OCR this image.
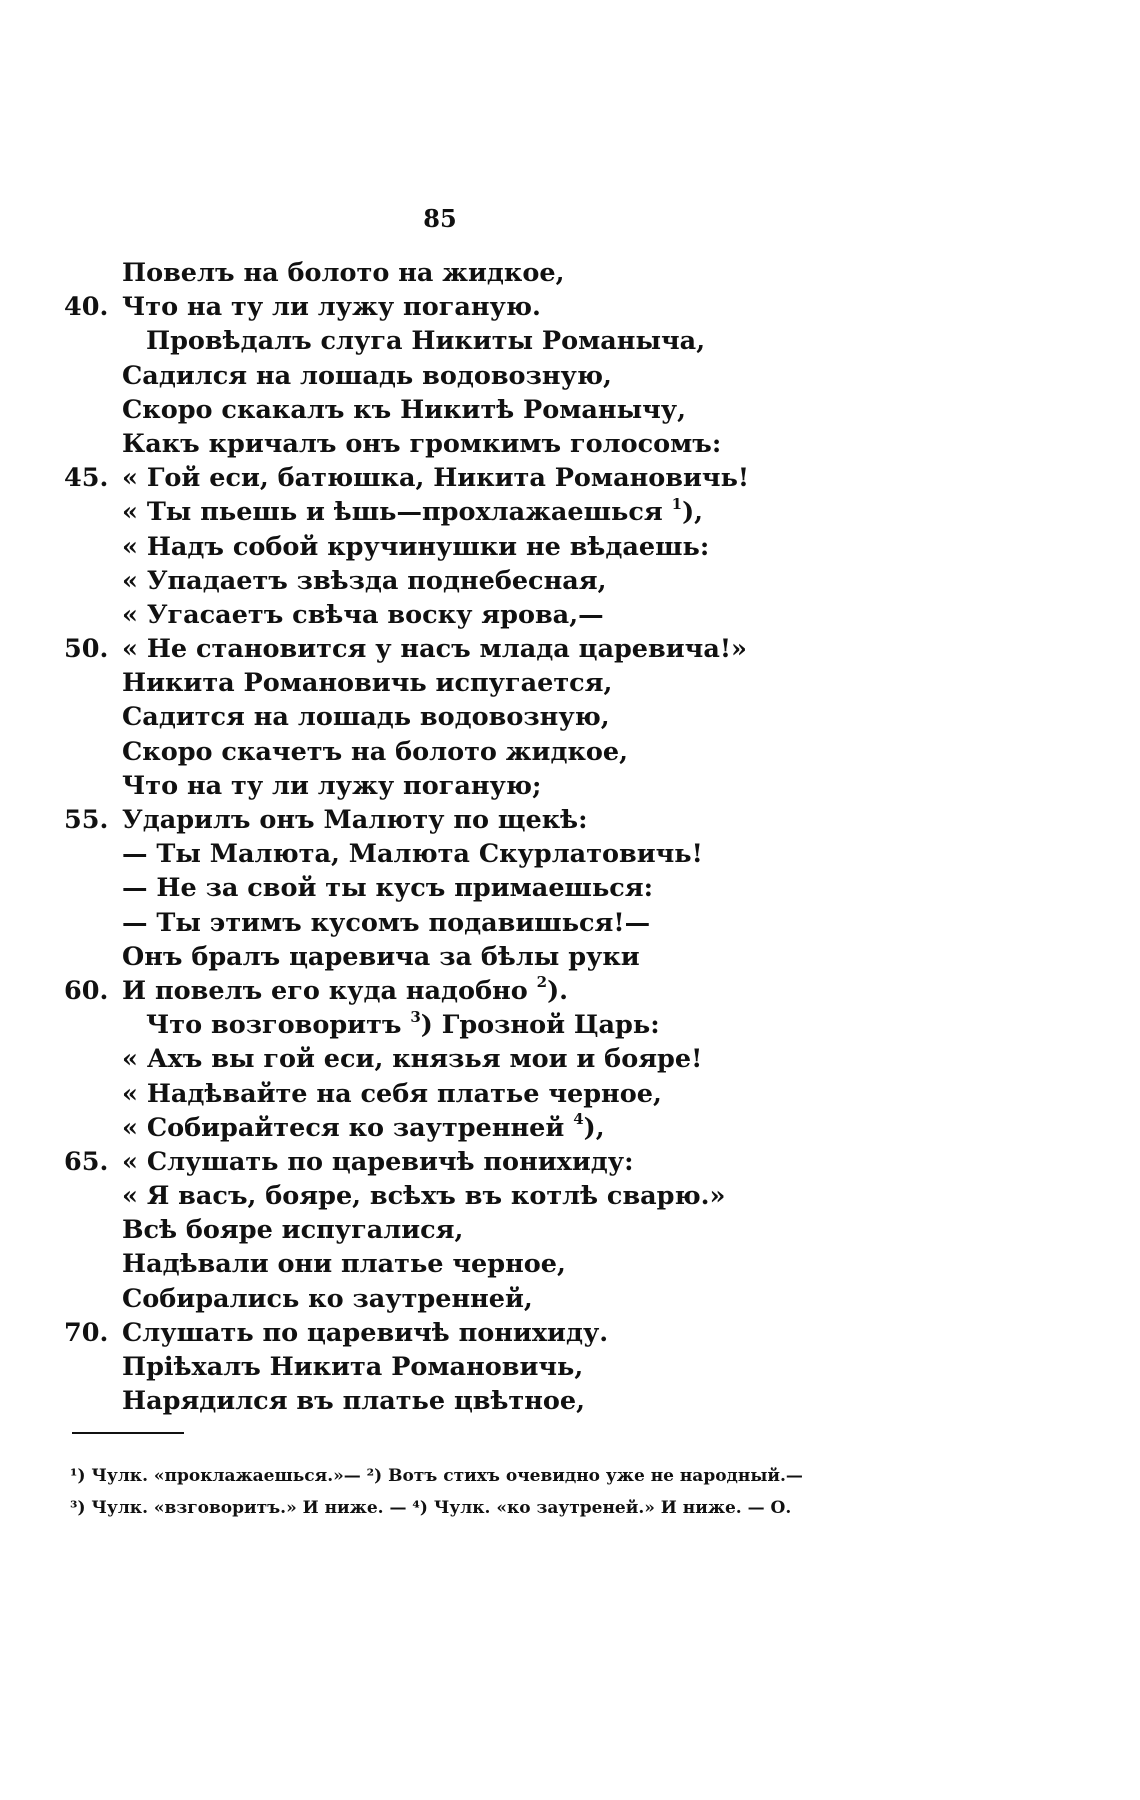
85
Повелъ на болото на жидкое,
40. Что на ту ли лужу поганую.
Провѣдалъ слуга Никиты Романыча,
Садился на лошадь водовозную,
Скоро скакалъ къ Никитѣ Романычу,
Какъ кричалъ онъ громкимъ голосомъ:
45. « Гой еси, батюшка, Никита Романовичь!
« Ты пьешь и ѣшь—прохлажаешься $^1$),
« Надъ собой кручинушки не вѣдаешь:
« Упадаетъ звѣзда поднебесная,
« Угасаетъ свѣча воску ярова,—
50. « Не становится у насъ млада царевича!»
Никита Романовичь испугается,
Садится на лошадь водовозную,
Скоро скачетъ на болото жидкое,
Что на ту ли лужу поганую;
55. Ударилъ онъ Малюту по щекѣ:
— Ты Малюта, Малюта Скурлатовичь!
— Не за свой ты кусъ примаешься:
— Ты этимъ кусомъ подавишься!—
Онъ бралъ царевича за бѣлы руки
60. И повелъ его куда надобно $^2$).
Что возговоритъ $^3$) Грозной Царь:
« Ахъ вы гой еси, князья мои и бояре!
« Надѣвайте на себя платье черное,
« Собирайтеся ко заутренней $^4$),
65. « Слушать по царевичѣ понихиду:
« Я васъ, бояре, всѣхъ въ котлѣ сварю.»
Всѣ бояре испугалися,
Надѣвали они платье черное,
Собирались ко заутренней,
70. Слушать по царевичѣ понихиду.
Пріѣхалъ Никита Романовичь,
Нарядился въ платье цвѣтное,
¹) Чулк. «проклажаешься.»— ²) Вотъ стихъ очевидно уже не народный.—
³) Чулк. «взговоритъ.» И ниже. — ⁴) Чулк. «ко заутреней.» И ниже. — О.
